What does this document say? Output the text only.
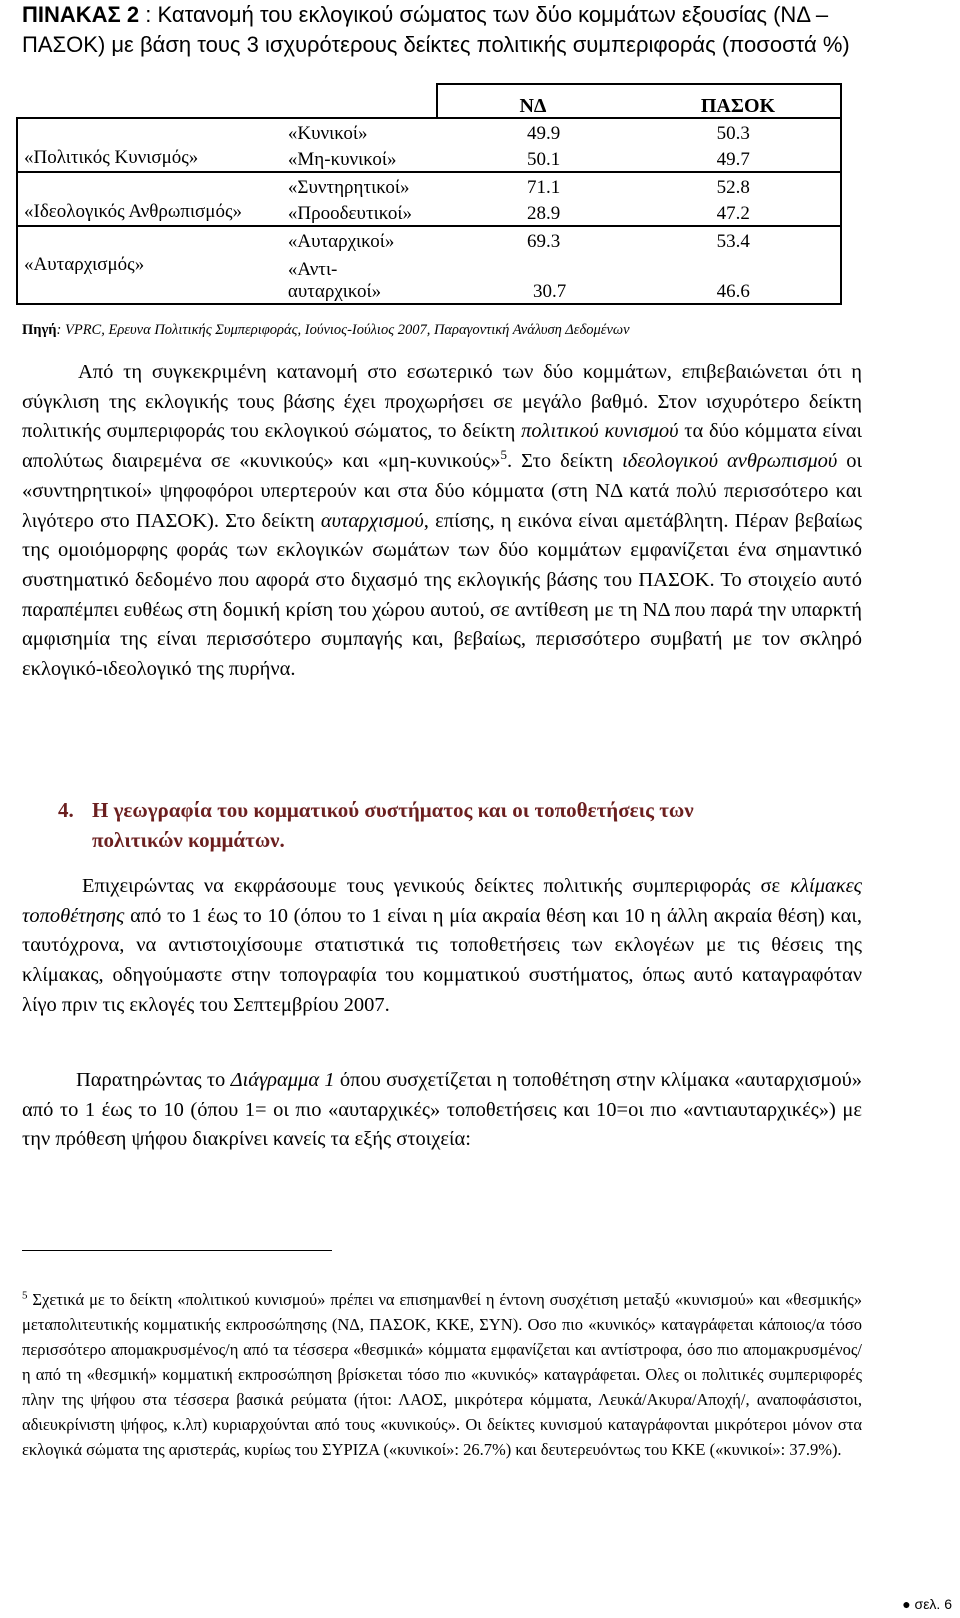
ΠΙΝΑΚΑΣ 2 : Κατανομή του εκλογικού σώματος των δύο κομμάτων εξουσίας (ΝΔ – ΠΑΣΟΚ) με βάση τους 3 ισχυρότερους δείκτες πολιτικής συμπεριφοράς (ποσοστά %)

		ΝΔ ΠΑΣΟΚ	

«Πολιτικός Κυνισμός»	«Κυνικοί»	49.9	50.3
	«Μη-κυνικοί»	50.1	49.7
«Ιδεολογικός Ανθρωπισμός»	«Συντηρητικοί»	71.1	52.8
	«Προοδευτικοί»	28.9	47.2
«Αυταρχισμός»	«Αυταρχικοί»	69.3	53.4

	«Αντι-
αυταρχικοί»	30.7	46.6
Πηγή: VPRC, Ερευνα Πολιτικής Συμπεριφοράς, Ιούνιος-Ιούλιος 2007, Παραγοντική Ανάλυση Δεδομένων
Από τη συγκεκριμένη κατανομή στο εσωτερικό των δύο κομμάτων, επιβεβαιώνεται ότι η σύγκλιση της εκλογικής τους βάσης έχει προχωρήσει σε μεγάλο βαθμό. Στον ισχυρότερο δείκτη πολιτικής συμπεριφοράς του εκλογικού σώματος, το δείκτη πολιτικού κυνισμού τα δύο κόμματα είναι απολύτως διαιρεμένα σε «κυνικούς» και «μη-κυνικούς»$^5$. Στο δείκτη ιδεολογικού ανθρωπισμού οι «συντηρητικοί» ψηφοφόροι υπερτερούν και στα δύο κόμματα (στη ΝΔ κατά πολύ περισσότερο και λιγότερο στο ΠΑΣΟΚ). Στο δείκτη αυταρχισμού, επίσης, η εικόνα είναι αμετάβλητη. Πέραν βεβαίως της ομοιόμορφης φοράς των εκλογικών σωμάτων των δύο κομμάτων εμφανίζεται ένα σημαντικό συστηματικό δεδομένο που αφορά στο διχασμό της εκλογικής βάσης του ΠΑΣΟΚ. Το στοιχείο αυτό παραπέμπει ευθέως στη δομική κρίση του χώρου αυτού, σε αντίθεση με τη ΝΔ που παρά την υπαρκτή αμφισημία της είναι περισσότερο συμπαγής και, βεβαίως, περισσότερο συμβατή με τον σκληρό εκλογικό-ιδεολογικό της πυρήνα.
4. Η γεωγραφία του κομματικού συστήματος και οι τοποθετήσεις των
πολιτικών κομμάτων.
Επιχειρώντας να εκφράσουμε τους γενικούς δείκτες πολιτικής συμπεριφοράς σε κλίμακες τοποθέτησης από το 1 έως το 10 (όπου το 1 είναι η μία ακραία θέση και 10 η άλλη ακραία θέση) και, ταυτόχρονα, να αντιστοιχίσουμε στατιστικά τις τοποθετήσεις των εκλογέων με τις θέσεις της κλίμακας, οδηγούμαστε στην τοπογραφία του κομματικού συστήματος, όπως αυτό καταγραφόταν λίγο πριν τις εκλογές του Σεπτεμβρίου 2007.
Παρατηρώντας το Διάγραμμα 1 όπου συσχετίζεται η τοποθέτηση στην κλίμακα «αυταρχισμού» από το 1 έως το 10 (όπου 1= οι πιο «αυταρχικές» τοποθετήσεις και 10=οι πιο «αντιαυταρχικές») με την πρόθεση ψήφου διακρίνει κανείς τα εξής στοιχεία:
$^5$ Σχετικά με το δείκτη «πολιτικού κυνισμού» πρέπει να επισημανθεί η έντονη συσχέτιση μεταξύ «κυνισμού» και «θεσμικής» μεταπολιτευτικής κομματικής εκπροσώπησης (ΝΔ, ΠΑΣΟΚ, ΚΚΕ, ΣΥΝ). Οσο πιο «κυνικός» καταγράφεται κάποιος/α τόσο περισσότερο απομακρυσμένος/η από τα τέσσερα «θεσμικά» κόμματα εμφανίζεται και αντίστροφα, όσο πιο απομακρυσμένος/η από τη «θεσμική» κομματική εκπροσώπηση βρίσκεται τόσο πιο «κυνικός» καταγράφεται. Ολες οι πολιτικές συμπεριφορές πλην της ψήφου στα τέσσερα βασικά ρεύματα (ήτοι: ΛΑΟΣ, μικρότερα κόμματα, Λευκά/Ακυρα/Αποχή/, αναποφάσιστοι, αδιευκρίνιστη ψήφος, κ.λπ) κυριαρχούνται από τους «κυνικούς». Οι δείκτες κυνισμού καταγράφονται μικρότεροι μόνον στα εκλογικά σώματα της αριστεράς, κυρίως του ΣΥΡΙΖΑ («κυνικοί»: 26.7%) και δευτερευόντως του ΚΚΕ («κυνικοί»: 37.9%).
● σελ. 6
